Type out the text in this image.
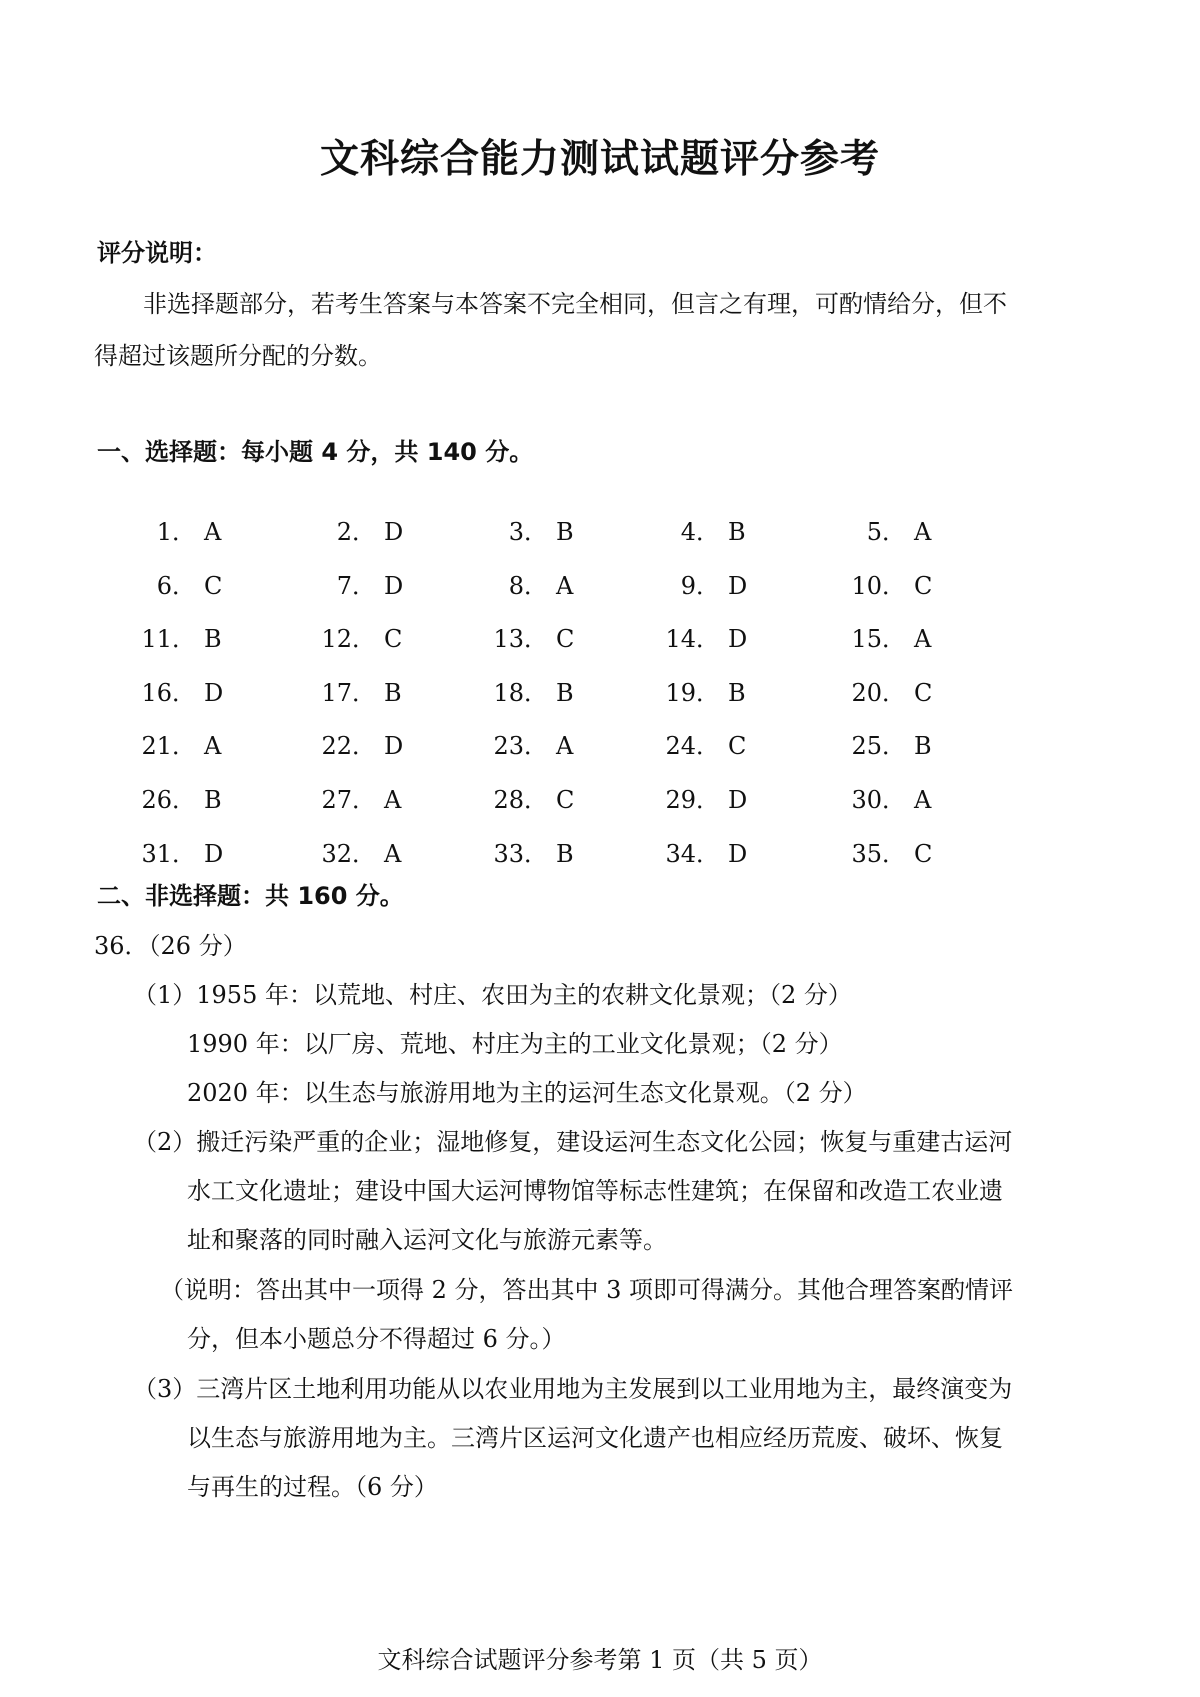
文科综合能力测试试题评分参考
评分说明：
非选择题部分，若考生答案与本答案不完全相同，但言之有理，可酌情给分，但不
得超过该题所分配的分数。
一、选择题：每小题 4 分，共 140 分。
1． A	2． D	3． B	4． B	5． A
6． C	7． D	8． A	9． D	10． C
11． B	12． C	13． C	14． D	15． A
16． D	17． B	18． B	19． B	20． C
21． A	22． D	23． A	24． C	25． B
26． B	27． A	28． C	29． D	30． A
31． D	32． A	33． B	34． D	35． C
二、非选择题：共 160 分。
36．（26 分）
（1）1955 年：以荒地、村庄、农田为主的农耕文化景观；（2 分）
1990 年：以厂房、荒地、村庄为主的工业文化景观；（2 分）
2020 年：以生态与旅游用地为主的运河生态文化景观。（2 分）
（2）搬迁污染严重的企业；湿地修复，建设运河生态文化公园；恢复与重建古运河
水工文化遗址；建设中国大运河博物馆等标志性建筑；在保留和改造工农业遗
址和聚落的同时融入运河文化与旅游元素等。
（说明：答出其中一项得 2 分，答出其中 3 项即可得满分。其他合理答案酌情评
分，但本小题总分不得超过 6 分。）
（3）三湾片区土地利用功能从以农业用地为主发展到以工业用地为主，最终演变为
以生态与旅游用地为主。三湾片区运河文化遗产也相应经历荒废、破坏、恢复
与再生的过程。（6 分）
文科综合试题评分参考第 1 页（共 5 页）
